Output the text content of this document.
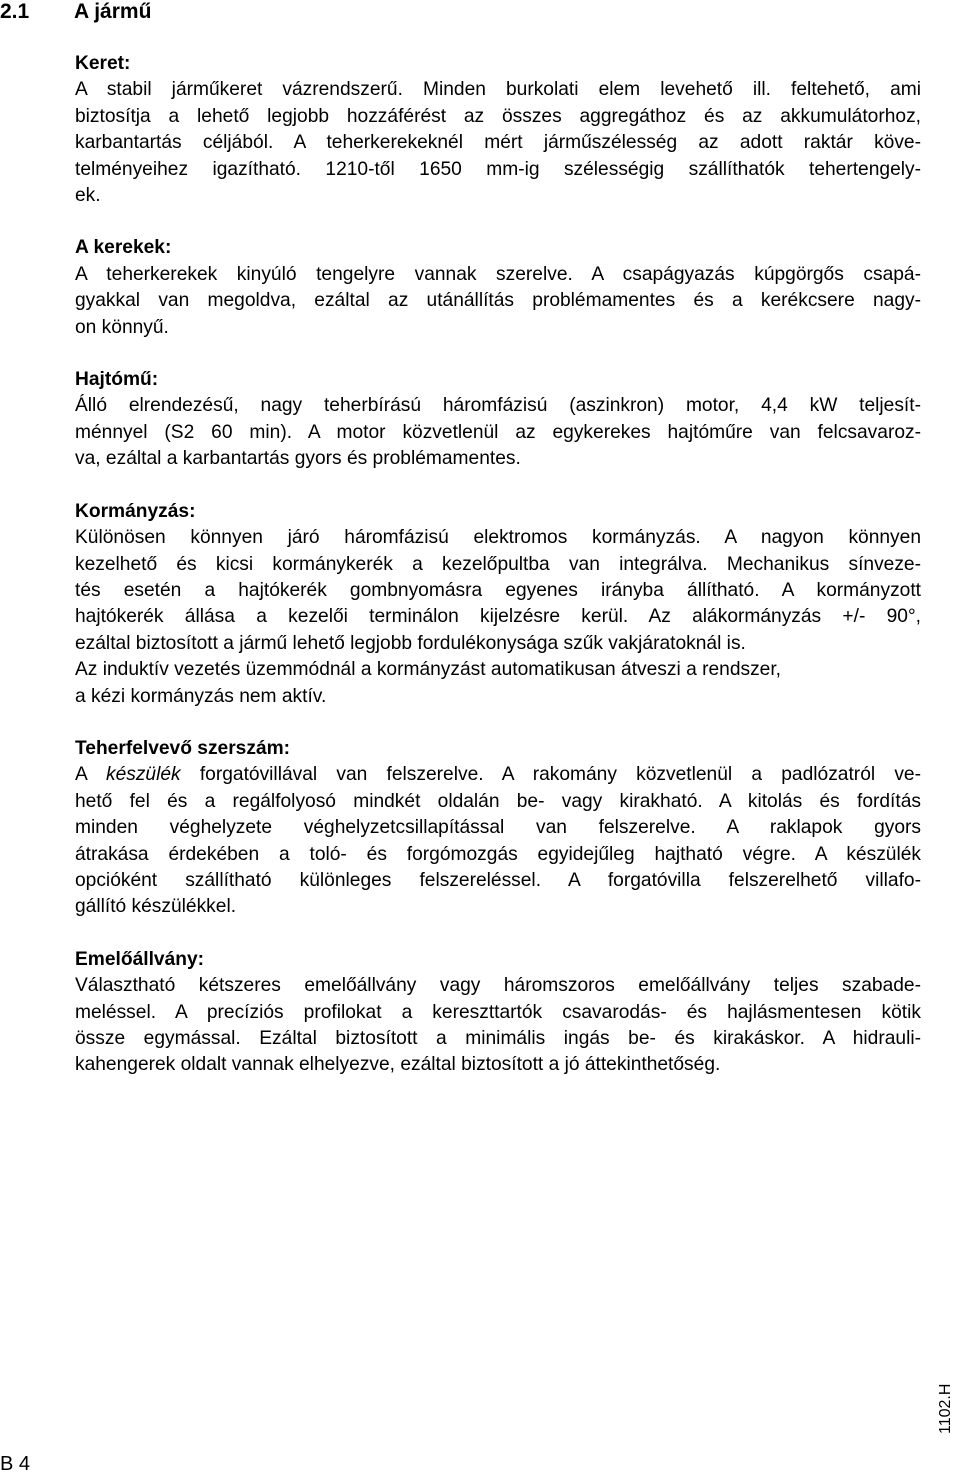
2.1 A jármű
Keret:
A stabil járműkeret vázrendszerű. Minden burkolati elem levehető ill. feltehető, ami
biztosítja a lehető legjobb hozzáférést az összes aggregáthoz és az akkumulátorhoz,
karbantartás céljából. A teherkerekeknél mért járműszélesség az adott raktár köve-
telményeihez igazítható. 1210-től 1650 mm-ig szélességig szállíthatók tehertengely-
ek.
A kerekek:
A teherkerekek kinyúló tengelyre vannak szerelve. A csapágyazás kúpgörgős csapá-
gyakkal van megoldva, ezáltal az utánállítás problémamentes és a kerékcsere nagy-
on könnyű.
Hajtómű:
Álló elrendezésű, nagy teherbírású háromfázisú (aszinkron) motor, 4,4 kW teljesít-
ménnyel (S2 60 min). A motor közvetlenül az egykerekes hajtóműre van felcsavaroz-
va, ezáltal a karbantartás gyors és problémamentes.
Kormányzás:
Különösen könnyen járó háromfázisú elektromos kormányzás. A nagyon könnyen
kezelhető és kicsi kormánykerék a kezelőpultba van integrálva. Mechanikus sínveze-
tés esetén a hajtókerék gombnyomásra egyenes irányba állítható. A kormányzott
hajtókerék állása a kezelői terminálon kijelzésre kerül. Az alákormányzás +/- 90°,
ezáltal biztosított a jármű lehető legjobb fordulékonysága szűk vakjáratoknál is.
Az induktív vezetés üzemmódnál a kormányzást automatikusan átveszi a rendszer,
a kézi kormányzás nem aktív.
Teherfelvevő szerszám:
A készülék forgatóvillával van felszerelve. A rakomány közvetlenül a padlózatról ve-
hető fel és a regálfolyosó mindkét oldalán be- vagy kirakható. A kitolás és fordítás
minden véghelyzete véghelyzetcsillapítással van felszerelve. A raklapok gyors
átrakása érdekében a toló- és forgómozgás egyidejűleg hajtható végre. A készülék
opcióként szállítható különleges felszereléssel. A forgatóvilla felszerelhető villafo-
gállító készülékkel.
Emelőállvány:
Választható kétszeres emelőállvány vagy háromszoros emelőállvány teljes szabade-
meléssel. A precíziós profilokat a kereszttartók csavarodás- és hajlásmentesen kötik
össze egymással. Ezáltal biztosított a minimális ingás be- és kirakáskor. A hidrauli-
kahengerek oldalt vannak elhelyezve, ezáltal biztosított a jó áttekinthetőség.
B 4
1102.H
